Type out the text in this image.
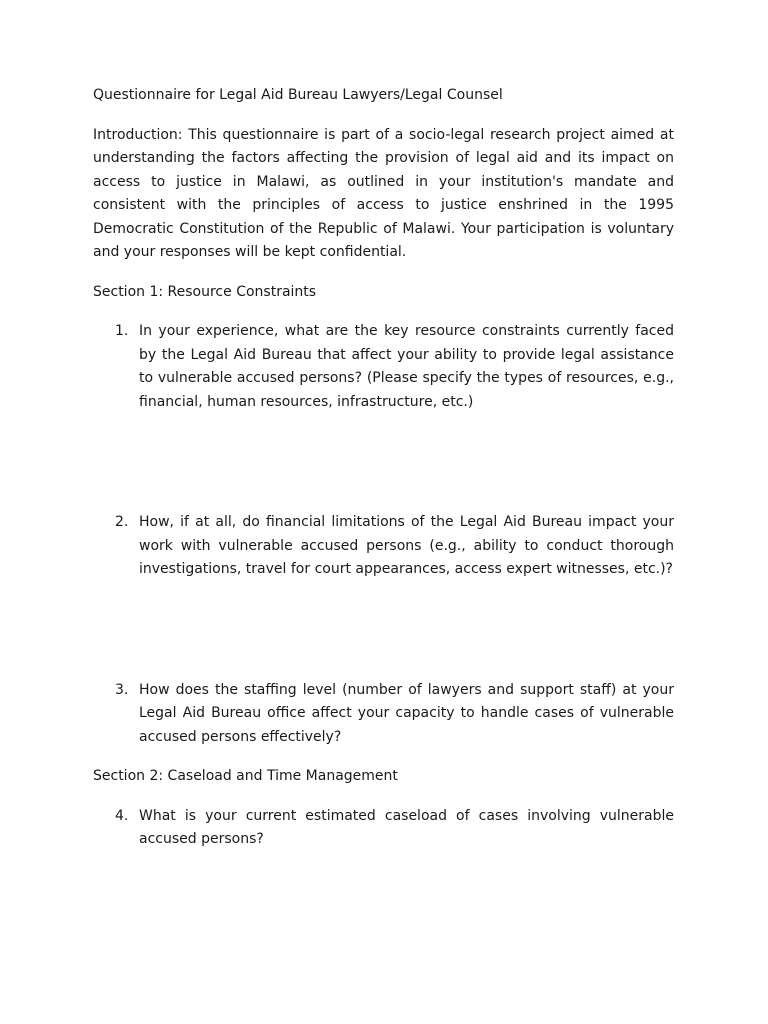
Questionnaire for Legal Aid Bureau Lawyers/Legal Counsel

Introduction: This questionnaire is part of a socio-legal research project aimed at understanding the factors affecting the provision of legal aid and its impact on access to justice in Malawi, as outlined in your institution's mandate and consistent with the principles of access to justice enshrined in the 1995 Democratic Constitution of the Republic of Malawi. Your participation is voluntary and your responses will be kept confidential.

Section 1: Resource Constraints

1. In your experience, what are the key resource constraints currently faced by the Legal Aid Bureau that affect your ability to provide legal assistance to vulnerable accused persons? (Please specify the types of resources, e.g., financial, human resources, infrastructure, etc.)
2. How, if at all, do financial limitations of the Legal Aid Bureau impact your work with vulnerable accused persons (e.g., ability to conduct thorough investigations, travel for court appearances, access expert witnesses, etc.)?
3. How does the staffing level (number of lawyers and support staff) at your Legal Aid Bureau office affect your capacity to handle cases of vulnerable accused persons effectively?

Section 2: Caseload and Time Management

4. What is your current estimated caseload of cases involving vulnerable accused persons?
